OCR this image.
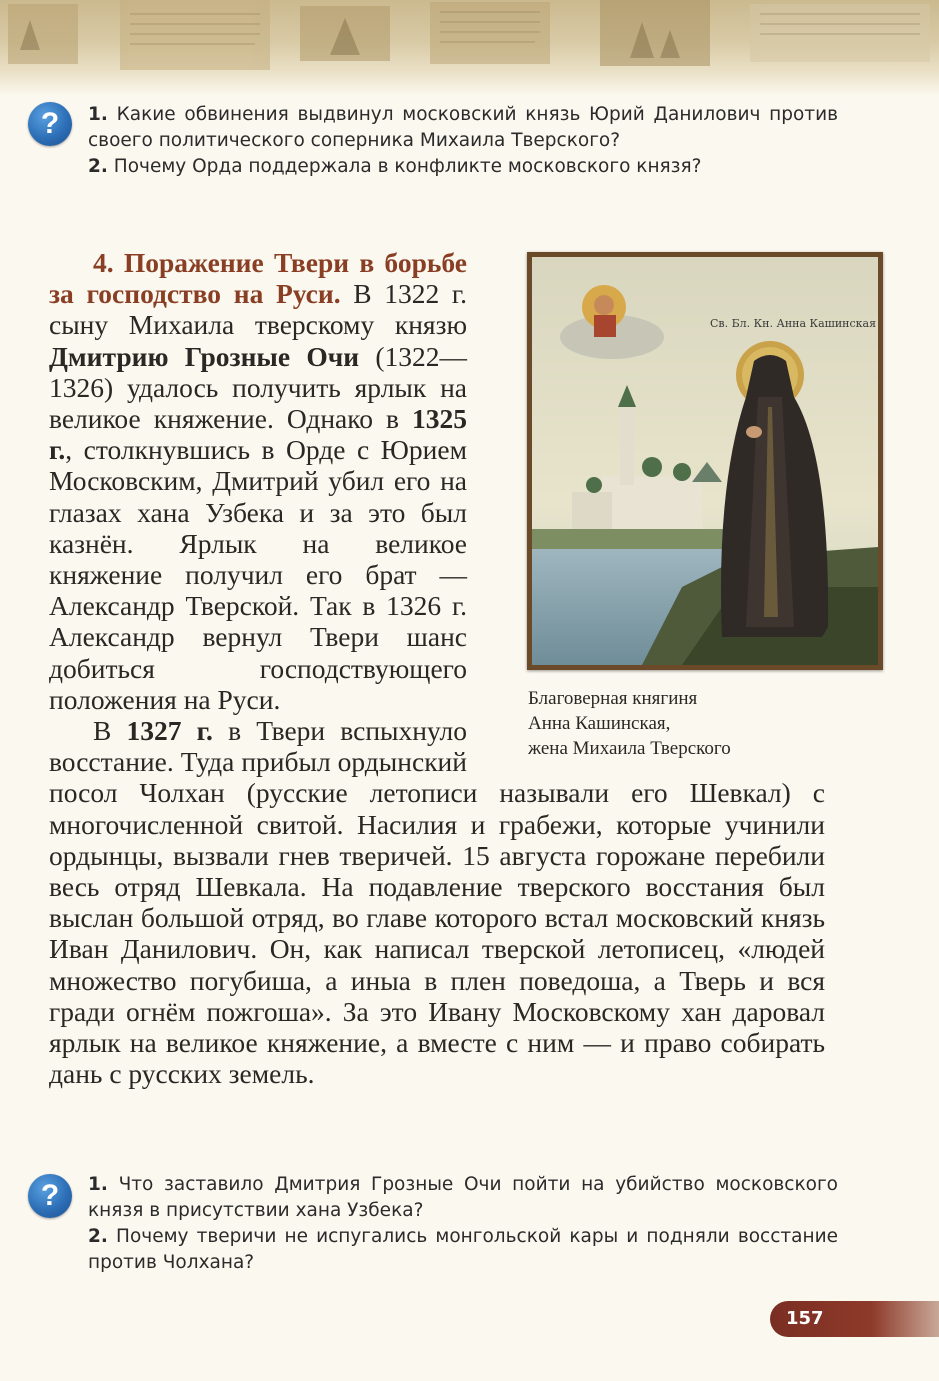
?	1. Какие обвинения выдвинул московский князь Юрий Данилович против своего политического соперника Михаила Тверского?

2. Почему Орда поддержала в конфликте московского князя?

4. Поражение Твери в борьбе за господство на Руси. В 1322 г. сыну Михаила тверскому князю Дмитрию Грозные Очи (1322—1326) удалось получить ярлык на великое княжение. Однако в 1325 г., столкнувшись в Орде с Юрием Московским, Дмитрий убил его на глазах хана Узбека и за это был казнён. Ярлык на великое княжение получил его брат — Александр Тверской. Так в 1326 г. Александр вернул Твери шанс добиться господствующего положения на Руси.

В 1327 г. в Твери вспыхнуло восстание. Туда прибыл ордынский посол Чолхан (русские летописи называли его Шевкал) с многочисленной свитой. Насилия и грабежи, которые учинили ордынцы, вызвали гнев тверичей. 15 августа горожане перебили весь отряд Шевкала. На подавление тверского восстания был выслан большой отряд, во главе которого встал московский князь Иван Данилович. Он, как написал тверской летописец, «людей множество погубиша, а иныа в плен поведоша, а Тверь и вся гради огнём пожгоша». За это Ивану Московскому хан даровал ярлык на великое княжение, а вместе с ним — и право собирать дань с русских земель.

Св. Бл. Кн. Анна Кашинская
Благоверная княгиня
Анна Кашинская,
жена Михаила Тверского
?	1. Что заставило Дмитрия Грозные Очи пойти на убийство московского князя в присутствии хана Узбека?

2. Почему тверичи не испугались монгольской кары и подняли восстание против Чолхана?

157
